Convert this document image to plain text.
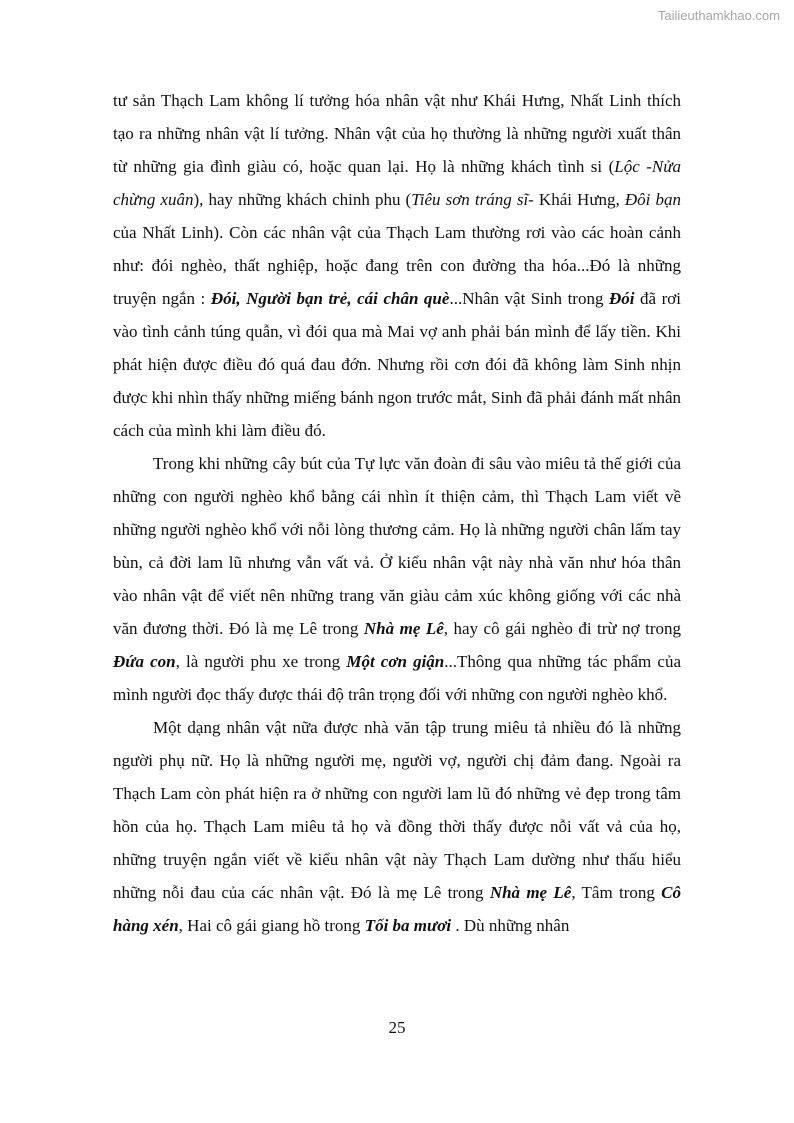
Tailieuthamkhao.com

tư sản Thạch Lam không lí tưởng hóa nhân vật như Khái Hưng, Nhất Linh thích tạo ra những nhân vật lí tưởng. Nhân vật của họ thường là những người xuất thân từ những gia đình giàu có, hoặc quan lại. Họ là những khách tình si (Lộc -Nửa chừng xuân), hay những khách chinh phu (Tiêu sơn tráng sĩ- Khái Hưng, Đôi bạn của Nhất Linh). Còn các nhân vật của Thạch Lam thường rơi vào các hoàn cảnh như: đói nghèo, thất nghiệp, hoặc đang trên con đường tha hóa...Đó là những truyện ngắn : Đói, Người bạn trẻ, cái chân què...Nhân vật Sinh trong Đói đã rơi vào tình cảnh túng quẫn, vì đói qua mà Mai vợ anh phải bán mình để lấy tiền. Khi phát hiện được điều đó quá đau đớn. Nhưng rồi cơn đói đã không làm Sinh nhịn được khi nhìn thấy những miếng bánh ngon trước mắt, Sinh đã phải đánh mất nhân cách của mình khi làm điều đó.

Trong khi những cây bút của Tự lực văn đoàn đi sâu vào miêu tả thế giới của những con người nghèo khổ bằng cái nhìn ít thiện cảm, thì Thạch Lam viết về những người nghèo khổ với nỗi lòng thương cảm. Họ là những người chân lấm tay bùn, cả đời lam lũ nhưng vẫn vất vả. Ở kiểu nhân vật này nhà văn như hóa thân vào nhân vật để viết nên những trang văn giàu cảm xúc không giống với các nhà văn đương thời. Đó là mẹ Lê trong Nhà mẹ Lê, hay cô gái nghèo đi trừ nợ trong Đứa con, là người phu xe trong Một cơn giận...Thông qua những tác phẩm của mình người đọc thấy được thái độ trân trọng đối với những con người nghèo khổ.

Một dạng nhân vật nữa được nhà văn tập trung miêu tả nhiều đó là những người phụ nữ. Họ là những người mẹ, người vợ, người chị đảm đang. Ngoài ra Thạch Lam còn phát hiện ra ở những con người lam lũ đó những vẻ đẹp trong tâm hồn của họ. Thạch Lam miêu tả họ và đồng thời thấy được nỗi vất vả của họ, những truyện ngắn viết về kiểu nhân vật này Thạch Lam dường như thấu hiểu những nỗi đau của các nhân vật. Đó là mẹ Lê trong Nhà mẹ Lê, Tâm trong Cô hàng xén, Hai cô gái giang hồ trong Tối ba mươi . Dù những nhân

25
